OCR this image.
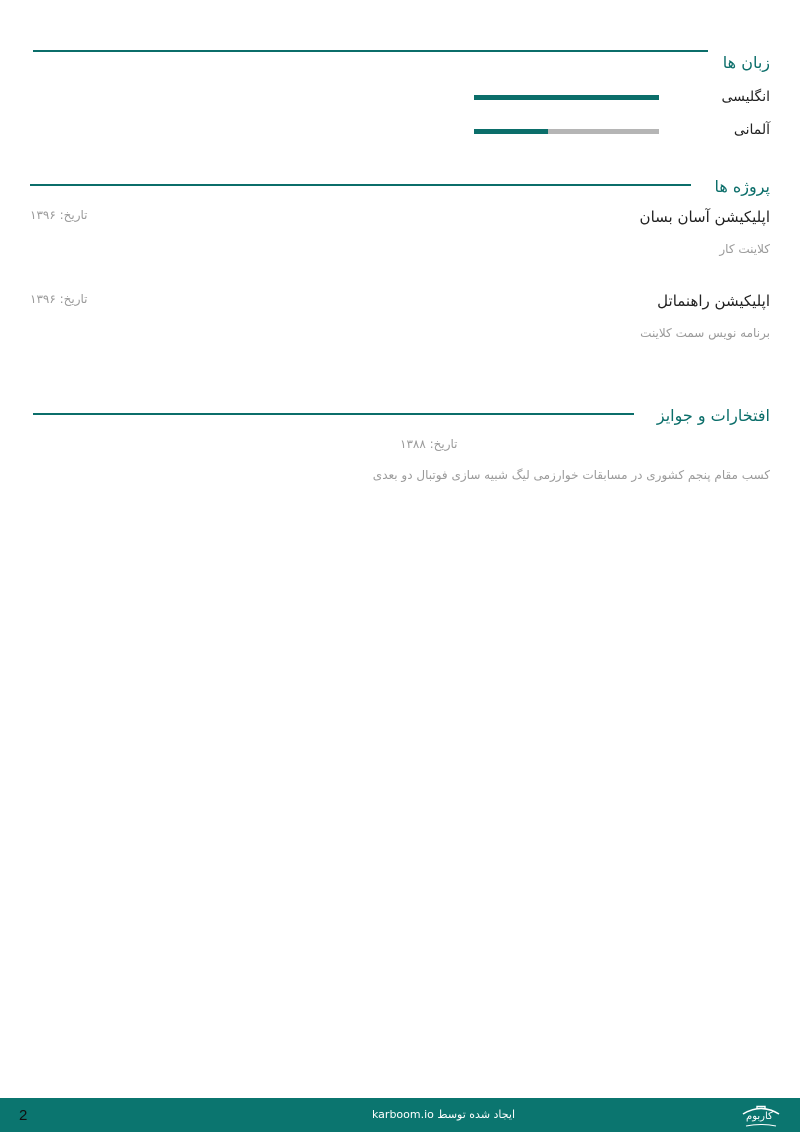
زبان ها
انگلیسی
آلمانی
پروژه ها
اپلیکیشن آسان بسان
تاریخ: ۱۳۹۶
کلاینت کار
اپلیکیشن راهنماتل
تاریخ: ۱۳۹۶
برنامه نویس سمت کلاینت
افتخارات و جوایز
تاریخ: ۱۳۸۸
کسب مقام پنجم کشوری در مسابقات خوارزمی لیگ شبیه سازی فوتبال دو بعدی
2	ایجاد شده توسط karboom.io	کاربوم
